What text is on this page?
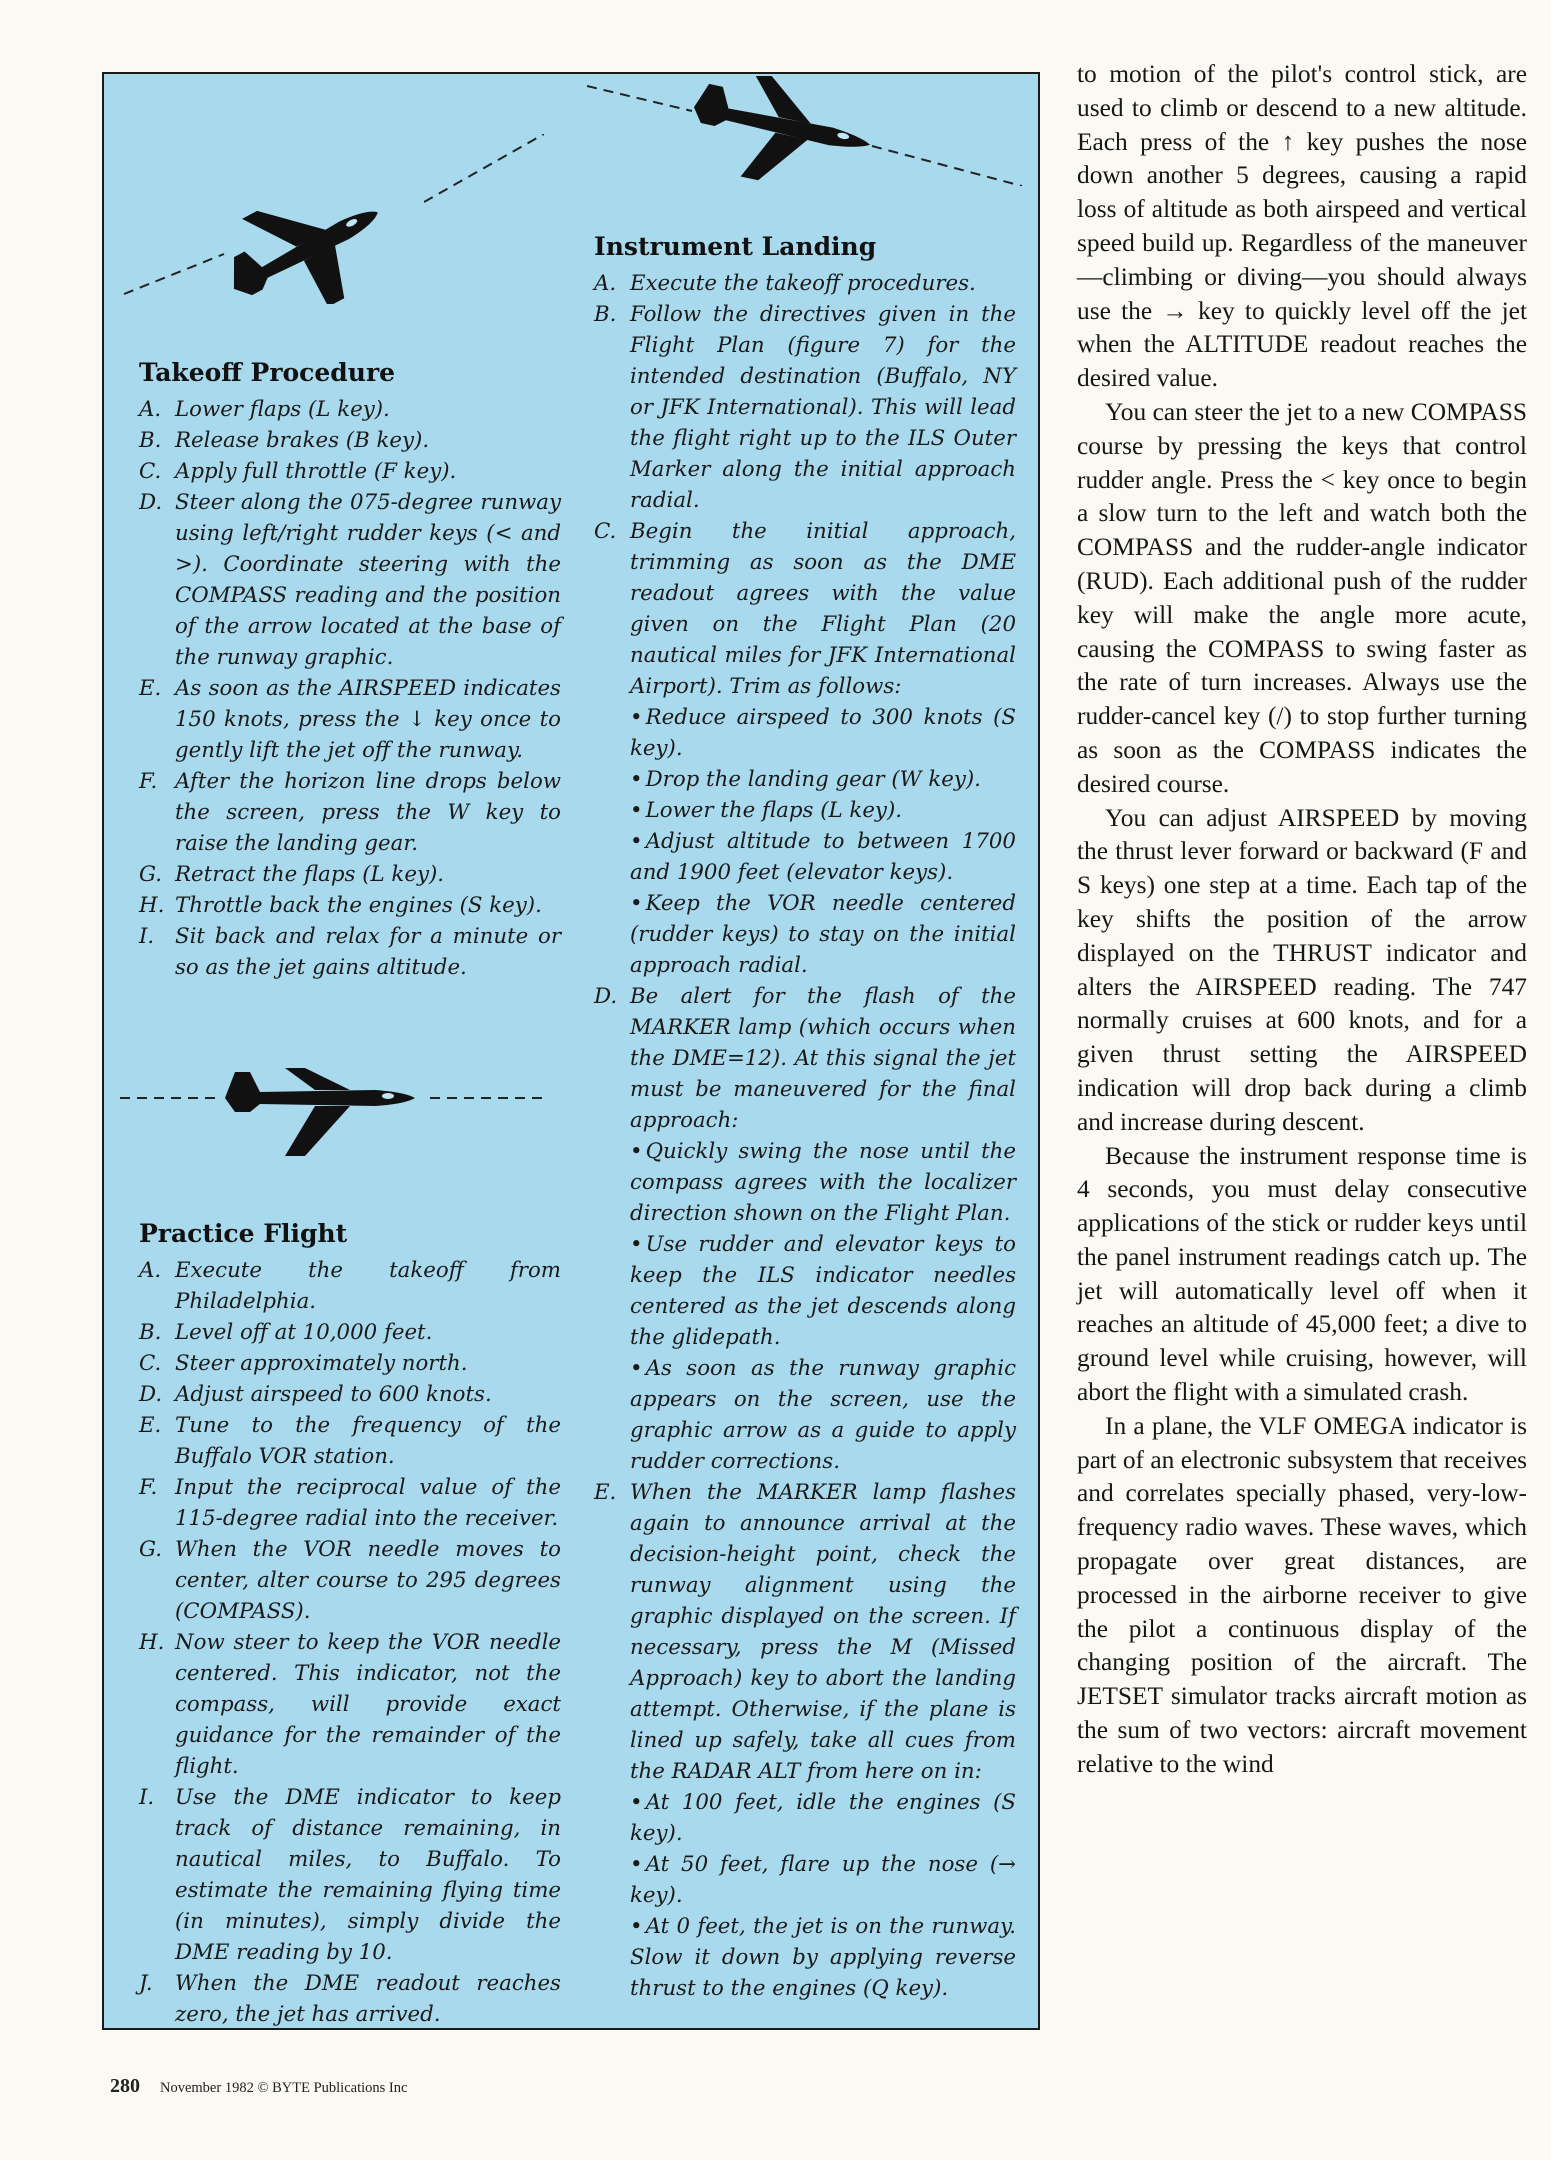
Takeoff Procedure

A. Lower flaps (L key).

B. Release brakes (B key).

C. Apply full throttle (F key).

D. Steer along the 075-degree runway using left/right rudder keys (< and >). Coordinate steering with the COMPASS reading and the position of the arrow located at the base of the runway graphic.

E. As soon as the AIRSPEED indicates 150 knots, press the ↓ key once to gently lift the jet off the runway.

F. After the horizon line drops below the screen, press the W key to raise the landing gear.

G. Retract the flaps (L key).

H. Throttle back the engines (S key).

I. Sit back and relax for a minute or so as the jet gains altitude.

Practice Flight

A. Execute the takeoff from Philadelphia.

B. Level off at 10,000 feet.

C. Steer approximately north.

D. Adjust airspeed to 600 knots.

E. Tune to the frequency of the Buffalo VOR station.

F. Input the reciprocal value of the 115-degree radial into the receiver.

G. When the VOR needle moves to center, alter course to 295 degrees (COMPASS).

H. Now steer to keep the VOR needle centered. This indicator, not the compass, will provide exact guidance for the remainder of the flight.

I. Use the DME indicator to keep track of distance remaining, in nautical miles, to Buffalo. To estimate the remaining flying time (in minutes), simply divide the DME reading by 10.

J. When the DME readout reaches zero, the jet has arrived.

Instrument Landing

A. Execute the takeoff procedures.

B. Follow the directives given in the Flight Plan (figure 7) for the intended destination (Buffalo, NY or JFK International). This will lead the flight right up to the ILS Outer Marker along the initial approach radial.

C. Begin the initial approach, trimming as soon as the DME readout agrees with the value given on the Flight Plan (20 nautical miles for JFK International Airport). Trim as follows:

• Reduce airspeed to 300 knots (S key).

• Drop the landing gear (W key).

• Lower the flaps (L key).

• Adjust altitude to between 1700 and 1900 feet (elevator keys).

• Keep the VOR needle centered (rudder keys) to stay on the initial approach radial.

D. Be alert for the flash of the MARKER lamp (which occurs when the DME=12). At this signal the jet must be maneuvered for the final approach:

• Quickly swing the nose until the compass agrees with the localizer direction shown on the Flight Plan.

• Use rudder and elevator keys to keep the ILS indicator needles centered as the jet descends along the glidepath.

• As soon as the runway graphic appears on the screen, use the graphic arrow as a guide to apply rudder corrections.

E. When the MARKER lamp flashes again to announce arrival at the decision-height point, check the runway alignment using the graphic displayed on the screen. If necessary, press the M (Missed Approach) key to abort the landing attempt. Otherwise, if the plane is lined up safely, take all cues from the RADAR ALT from here on in:

• At 100 feet, idle the engines (S key).

• At 50 feet, flare up the nose (→ key).

• At 0 feet, the jet is on the runway. Slow it down by applying reverse thrust to the engines (Q key).

to motion of the pilot's control stick, are used to climb or descend to a new altitude. Each press of the ↑ key pushes the nose down another 5 degrees, causing a rapid loss of altitude as both airspeed and vertical speed build up. Regardless of the maneuver—climbing or diving—you should always use the → key to quickly level off the jet when the ALTITUDE readout reaches the desired value.

You can steer the jet to a new COMPASS course by pressing the keys that control rudder angle. Press the < key once to begin a slow turn to the left and watch both the COMPASS and the rudder-angle indicator (RUD). Each additional push of the rudder key will make the angle more acute, causing the COMPASS to swing faster as the rate of turn increases. Always use the rudder-cancel key (/) to stop further turning as soon as the COMPASS indicates the desired course.

You can adjust AIRSPEED by moving the thrust lever forward or backward (F and S keys) one step at a time. Each tap of the key shifts the position of the arrow displayed on the THRUST indicator and alters the AIRSPEED reading. The 747 normally cruises at 600 knots, and for a given thrust setting the AIRSPEED indication will drop back during a climb and increase during descent.

Because the instrument response time is 4 seconds, you must delay consecutive applications of the stick or rudder keys until the panel instrument readings catch up. The jet will automatically level off when it reaches an altitude of 45,000 feet; a dive to ground level while cruising, however, will abort the flight with a simulated crash.

In a plane, the VLF OMEGA indicator is part of an electronic subsystem that receives and correlates specially phased, very-low-frequency radio waves. These waves, which propagate over great distances, are processed in the airborne receiver to give the pilot a continuous display of the changing position of the aircraft. The JETSET simulator tracks aircraft motion as the sum of two vectors: aircraft movement relative to the wind

280 November 1982 © BYTE Publications Inc
